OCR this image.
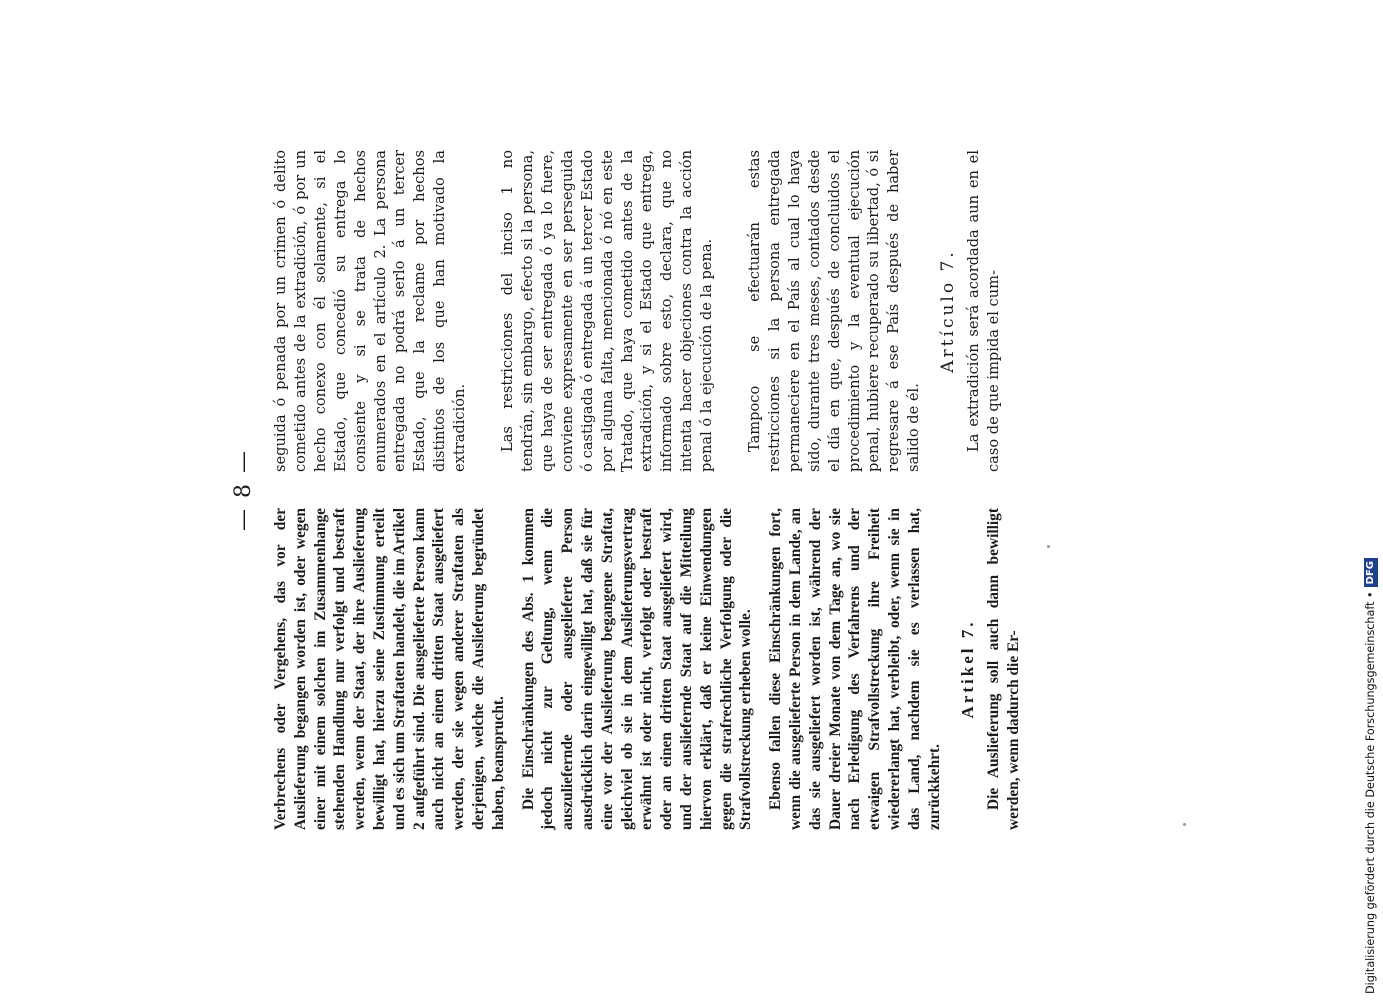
— 8 —

Verbrechens oder Vergehens, das vor der Auslieferung begangen worden ist, oder wegen einer mit einem solchen im Zusammenhange stehenden Handlung nur verfolgt und bestraft werden, wenn der Staat, der ihre Auslieferung bewilligt hat, hierzu seine Zustimmung erteilt und es sich um Straftaten handelt, die im Artikel 2 aufgeführt sind. Die ausgelieferte Person kann auch nicht an einen dritten Staat ausgeliefert werden, der sie wegen anderer Straftaten als derjenigen, welche die Auslieferung begründet haben, beansprucht. Die Einschränkungen des Abs. 1 kommen jedoch nicht zur Geltung, wenn die auszuliefernde oder ausgelieferte Person ausdrücklich darin eingewilligt hat, daß sie für eine vor der Auslieferung begangene Straftat, gleichviel ob sie in dem Auslieferungsvertrag erwähnt ist oder nicht, verfolgt oder bestraft oder an einen dritten Staat ausgeliefert wird, und der ausliefernde Staat auf die Mitteilung hiervon erklärt, daß er keine Einwendungen gegen die strafrechtliche Verfolgung oder die Strafvollstreckung erheben wolle. Ebenso fallen diese Einschränkungen fort, wenn die ausgelieferte Person in dem Lande, an das sie ausgeliefert worden ist, während der Dauer dreier Monate von dem Tage an, wo sie nach Erledigung des Verfahrens und der etwaigen Strafvollstreckung ihre Freiheit wiedererlangt hat, verbleibt, oder, wenn sie in das Land, nachdem sie es verlassen hat, zurückkehrt.

Artikel 7. Die Auslieferung soll auch dann bewilligt werden, wenn dadurch die Er-

seguida ó penada por un crimen ó delito cometido antes de la extradición, ó por un hecho conexo con él solamente, si el Estado, que concedió su entrega lo consiente y si se trata de hechos enumerados en el artículo 2. La persona entregada no podrá serlo á un tercer Estado, que la reclame por hechos distintos de los que han motivado la extradición. Las restricciones del inciso 1 no tendrán, sin embargo, efecto si la persona, que haya de ser entregada ó ya lo fuere, conviene expresamente en ser perseguida ó castigada ó entregada á un tercer Estado por alguna falta, mencionada ó nó en este Tratado, que haya cometido antes de la extradición, y si el Estado que entrega, informado sobre esto, declara, que no intenta hacer objeciones contra la acción penal ó la ejecución de la pena. Tampoco se efectuarán estas restricciones si la persona entregada permaneciere en el País al cual lo haya sido, durante tres meses, contados desde el día en que, después de concluidos el procedimiento y la eventual ejecución penal, hubiere recuperado su libertad, ó si regresare á ese País después de haber salido de él.

Artículo 7. La extradición será acordada aun en el caso de que impida el cum-

Digitalisierung gefördert durch die Deutsche Forschungsgemeinschaft •DFG
